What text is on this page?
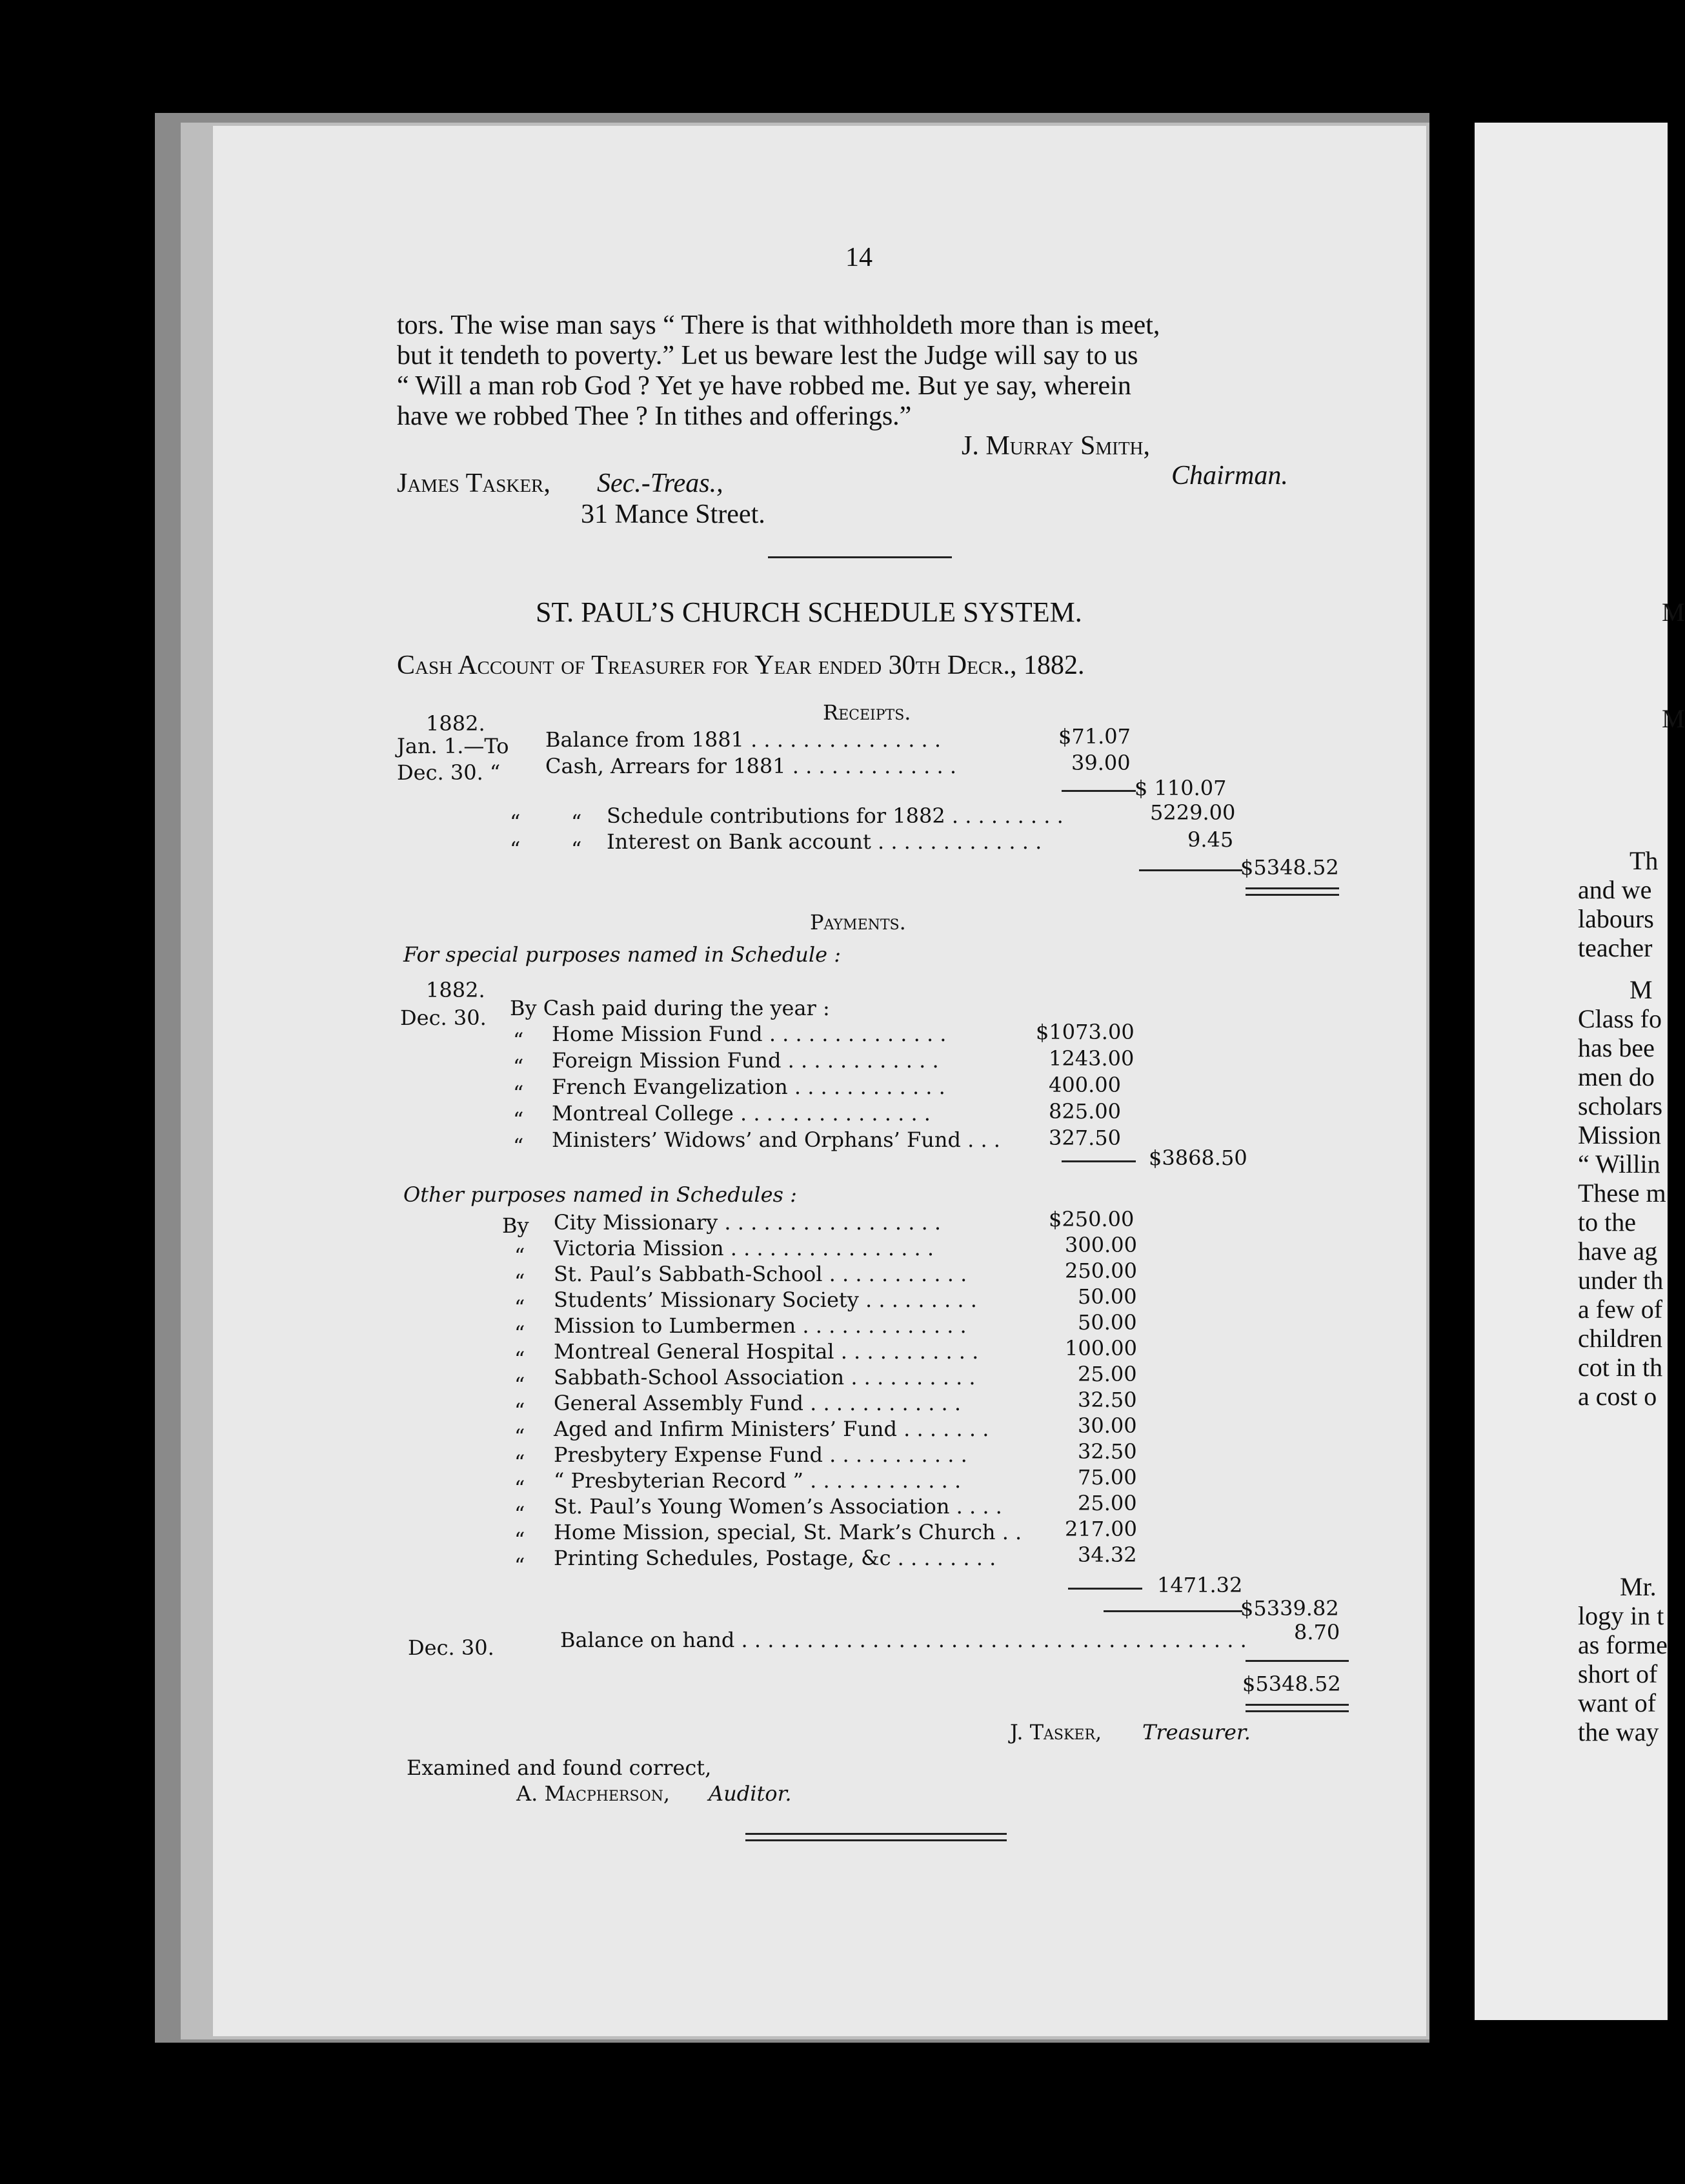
M
M
Th
and we
labours
teacher
M
Class fo
has bee
men do
scholars
Mission
“ Willin
These m
to the
have ag
under th
a few of
children
cot in th
a cost o
Mr.
logy in t
as forme
short of
want of
the way
14
tors. The wise man says “ There is that withholdeth more than is meet,
but it tendeth to poverty.” Let us beware lest the Judge will say to us
“ Will a man rob God ? Yet ye have robbed me. But ye say, wherein
have we robbed Thee ? In tithes and offerings.”
J. Murray Smith,
Chairman.
James Tasker, Sec.-Treas.,
31 Mance Street.
ST. PAUL’S CHURCH SCHEDULE SYSTEM.
Cash Account of Treasurer for Year ended 30th Decr., 1882.
Receipts.
1882.
Jan. 1.—To Balance from 1881 . . . . . . . . . . . . . . .	$71.07
Dec. 30. “ Cash, Arrears for 1881 . . . . . . . . . . . . .	39.00
$ 110.07
“ “ Schedule contributions for 1882 . . . . . . . . .	5229.00
“ “ Interest on Bank account . . . . . . . . . . . . .	9.45
$5348.52
Payments.
For special purposes named in Schedule :
1882.
Dec. 30. By Cash paid during the year :
“ Home Mission Fund . . . . . . . . . . . . . .	$1073.00
“ Foreign Mission Fund . . . . . . . . . . . .	1243.00
“ French Evangelization . . . . . . . . . . . .	400.00
“ Montreal College . . . . . . . . . . . . . . .	825.00
“ Ministers’ Widows’ and Orphans’ Fund . . . 327.50
$3868.50
Other purposes named in Schedules :
By City Missionary . . . . . . . . . . . . . . . . .	$250.00
“ Victoria Mission . . . . . . . . . . . . . . . .	300.00
“ St. Paul’s Sabbath-School . . . . . . . . . . .	250.00
“ Students’ Missionary Society . . . . . . . . .	50.00
“ Mission to Lumbermen . . . . . . . . . . . . .	50.00
“ Montreal General Hospital . . . . . . . . . . .	100.00
“ Sabbath-School Association . . . . . . . . . .	25.00
“ General Assembly Fund . . . . . . . . . . . .	32.50
“ Aged and Infirm Ministers’ Fund . . . . . . .	30.00
“ Presbytery Expense Fund . . . . . . . . . . .	32.50
“ “ Presbyterian Record ” . . . . . . . . . . . .	75.00
“ St. Paul’s Young Women’s Association . . . .	25.00
“ Home Mission, special, St. Mark’s Church . . 217.00
“ Printing Schedules, Postage, &c . . . . . . . .	34.32
1471.32
$5339.82
Dec. 30.	Balance on hand . . . . . . . . . . . . . . . . . . . . . . . . . . . . . . . . . . . . . . . 8.70
$5348.52
J. Tasker, Treasurer.
Examined and found correct,
A. Macpherson, Auditor.
